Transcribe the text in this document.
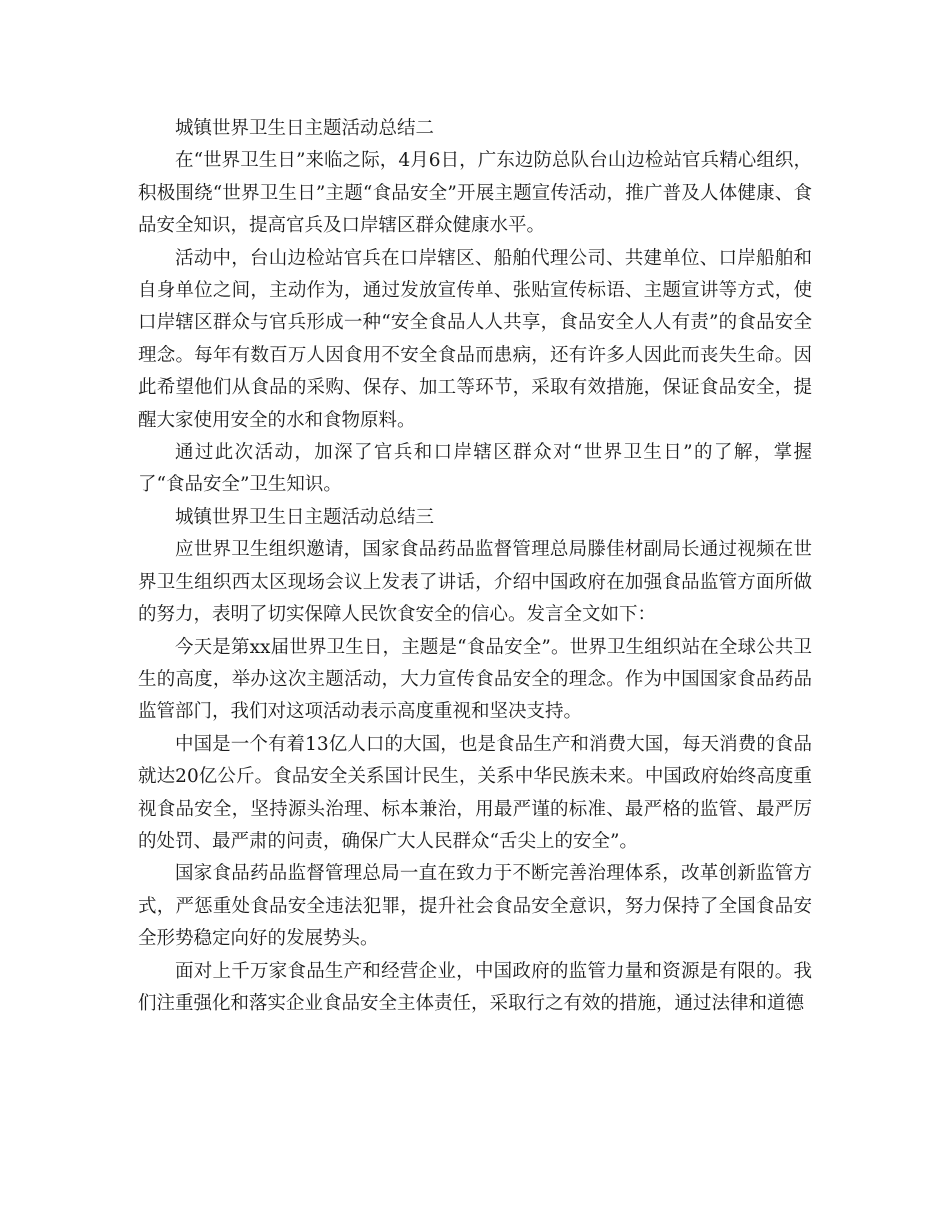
城镇世界卫生日主题活动总结二

在“世界卫生日”来临之际，4月6日，广东边防总队台山边检站官兵精心组织，积极围绕“世界卫生日”主题“食品安全”开展主题宣传活动，推广普及人体健康、食品安全知识，提高官兵及口岸辖区群众健康水平。

活动中，台山边检站官兵在口岸辖区、船舶代理公司、共建单位、口岸船舶和自身单位之间，主动作为，通过发放宣传单、张贴宣传标语、主题宣讲等方式，使口岸辖区群众与官兵形成一种“安全食品人人共享，食品安全人人有责”的食品安全理念。每年有数百万人因食用不安全食品而患病，还有许多人因此而丧失生命。因此希望他们从食品的采购、保存、加工等环节，采取有效措施，保证食品安全，提醒大家使用安全的水和食物原料。

通过此次活动，加深了官兵和口岸辖区群众对“世界卫生日”的了解，掌握了“食品安全”卫生知识。

城镇世界卫生日主题活动总结三

应世界卫生组织邀请，国家食品药品监督管理总局滕佳材副局长通过视频在世界卫生组织西太区现场会议上发表了讲话，介绍中国政府在加强食品监管方面所做的努力，表明了切实保障人民饮食安全的信心。发言全文如下：

今天是第xx届世界卫生日，主题是“食品安全”。世界卫生组织站在全球公共卫生的高度，举办这次主题活动，大力宣传食品安全的理念。作为中国国家食品药品监管部门，我们对这项活动表示高度重视和坚决支持。

中国是一个有着13亿人口的大国，也是食品生产和消费大国，每天消费的食品就达20亿公斤。食品安全关系国计民生，关系中华民族未来。中国政府始终高度重视食品安全，坚持源头治理、标本兼治，用最严谨的标准、最严格的监管、最严厉的处罚、最严肃的问责，确保广大人民群众“舌尖上的安全”。

国家食品药品监督管理总局一直在致力于不断完善治理体系，改革创新监管方式，严惩重处食品安全违法犯罪，提升社会食品安全意识，努力保持了全国食品安全形势稳定向好的发展势头。

面对上千万家食品生产和经营企业，中国政府的监管力量和资源是有限的。我们注重强化和落实企业食品安全主体责任，采取行之有效的措施，通过法律和道德
